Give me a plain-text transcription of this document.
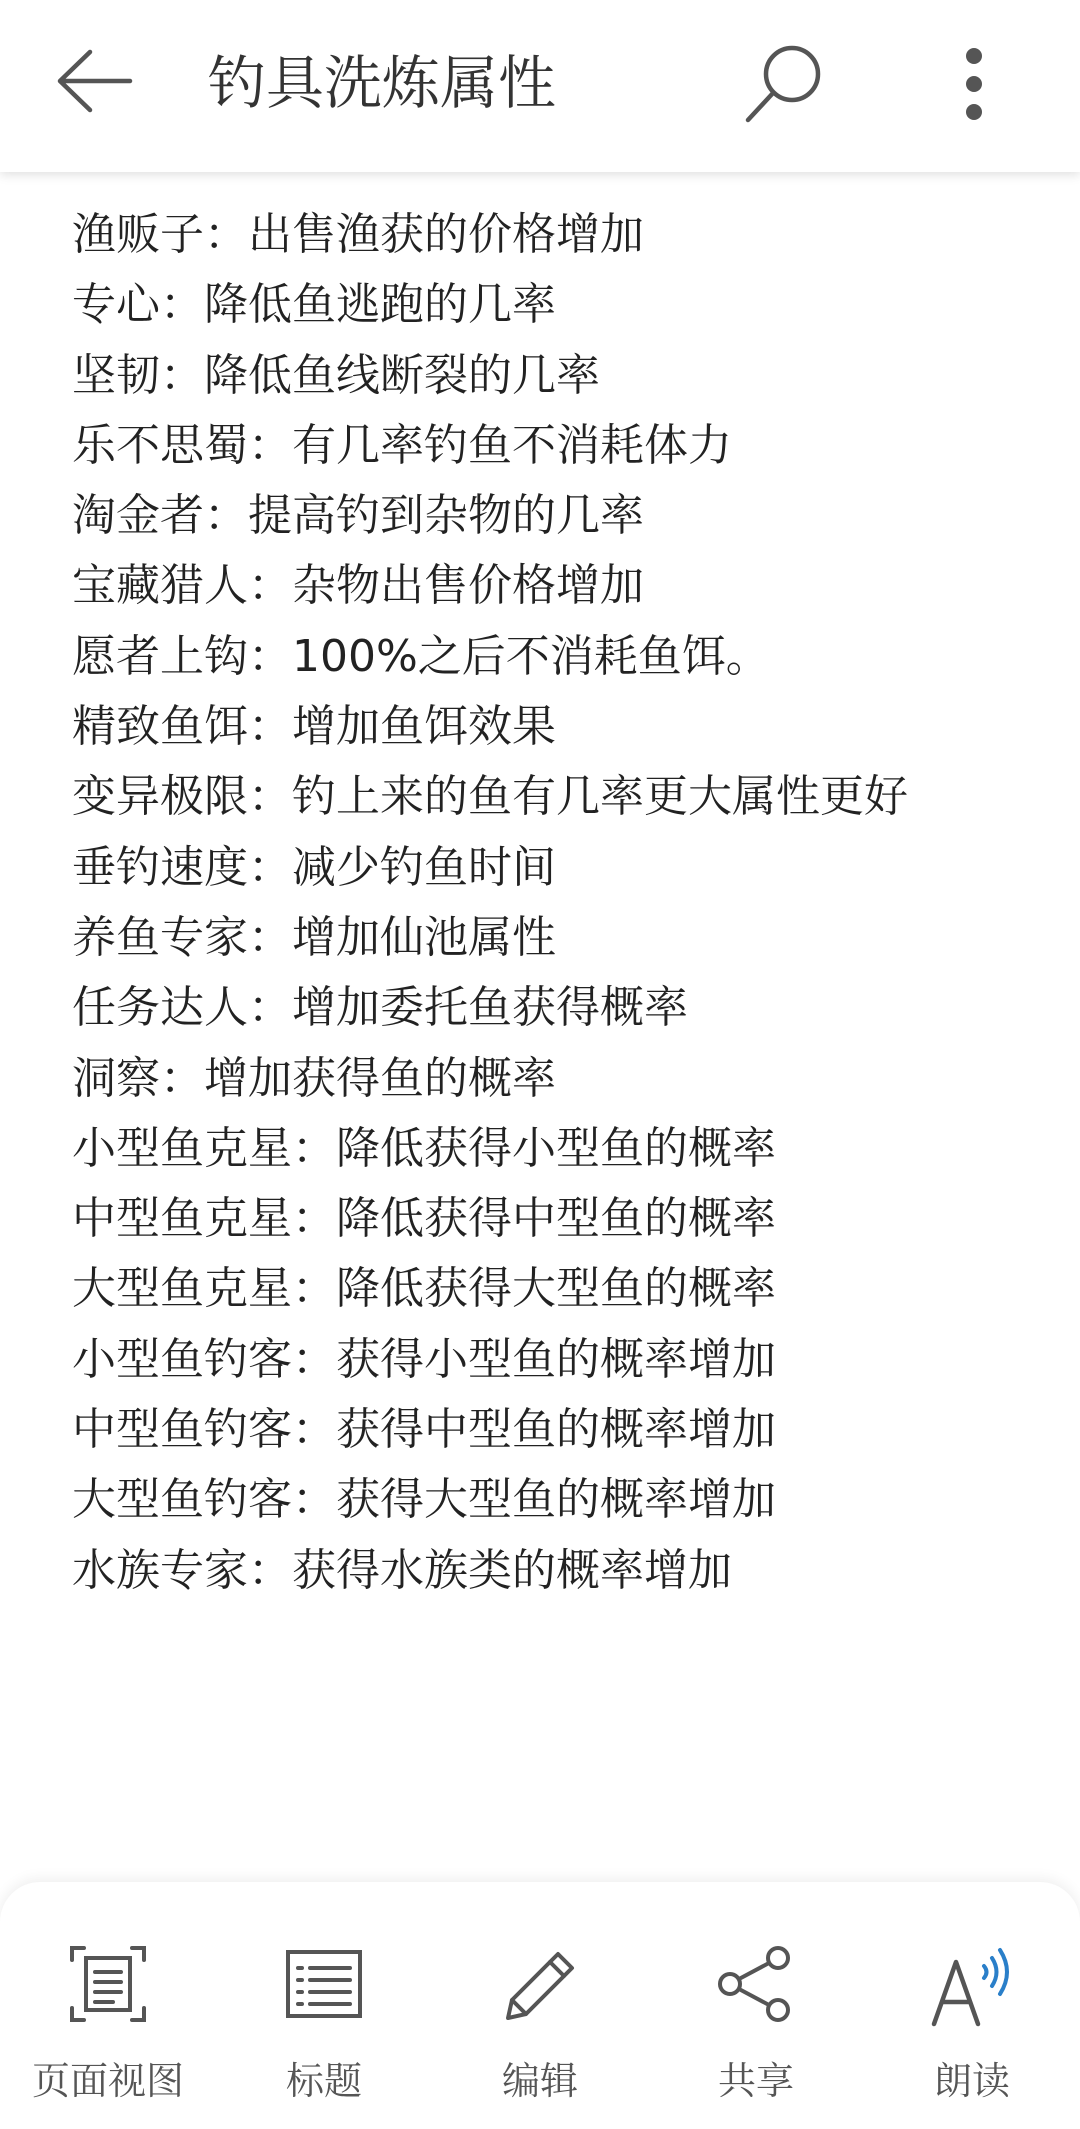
钓具洗炼属性
渔贩子：出售渔获的价格增加
专心：降低鱼逃跑的几率
坚韧：降低鱼线断裂的几率
乐不思蜀：有几率钓鱼不消耗体力
淘金者：提高钓到杂物的几率
宝藏猎人：杂物出售价格增加
愿者上钩：100%之后不消耗鱼饵。
精致鱼饵：增加鱼饵效果
变异极限：钓上来的鱼有几率更大属性更好
垂钓速度：减少钓鱼时间
养鱼专家：增加仙池属性
任务达人：增加委托鱼获得概率
洞察：增加获得鱼的概率
小型鱼克星：降低获得小型鱼的概率
中型鱼克星：降低获得中型鱼的概率
大型鱼克星：降低获得大型鱼的概率
小型鱼钓客：获得小型鱼的概率增加
中型鱼钓客：获得中型鱼的概率增加
大型鱼钓客：获得大型鱼的概率增加
水族专家：获得水族类的概率增加
页面视图	标题	编辑	共享	朗读
